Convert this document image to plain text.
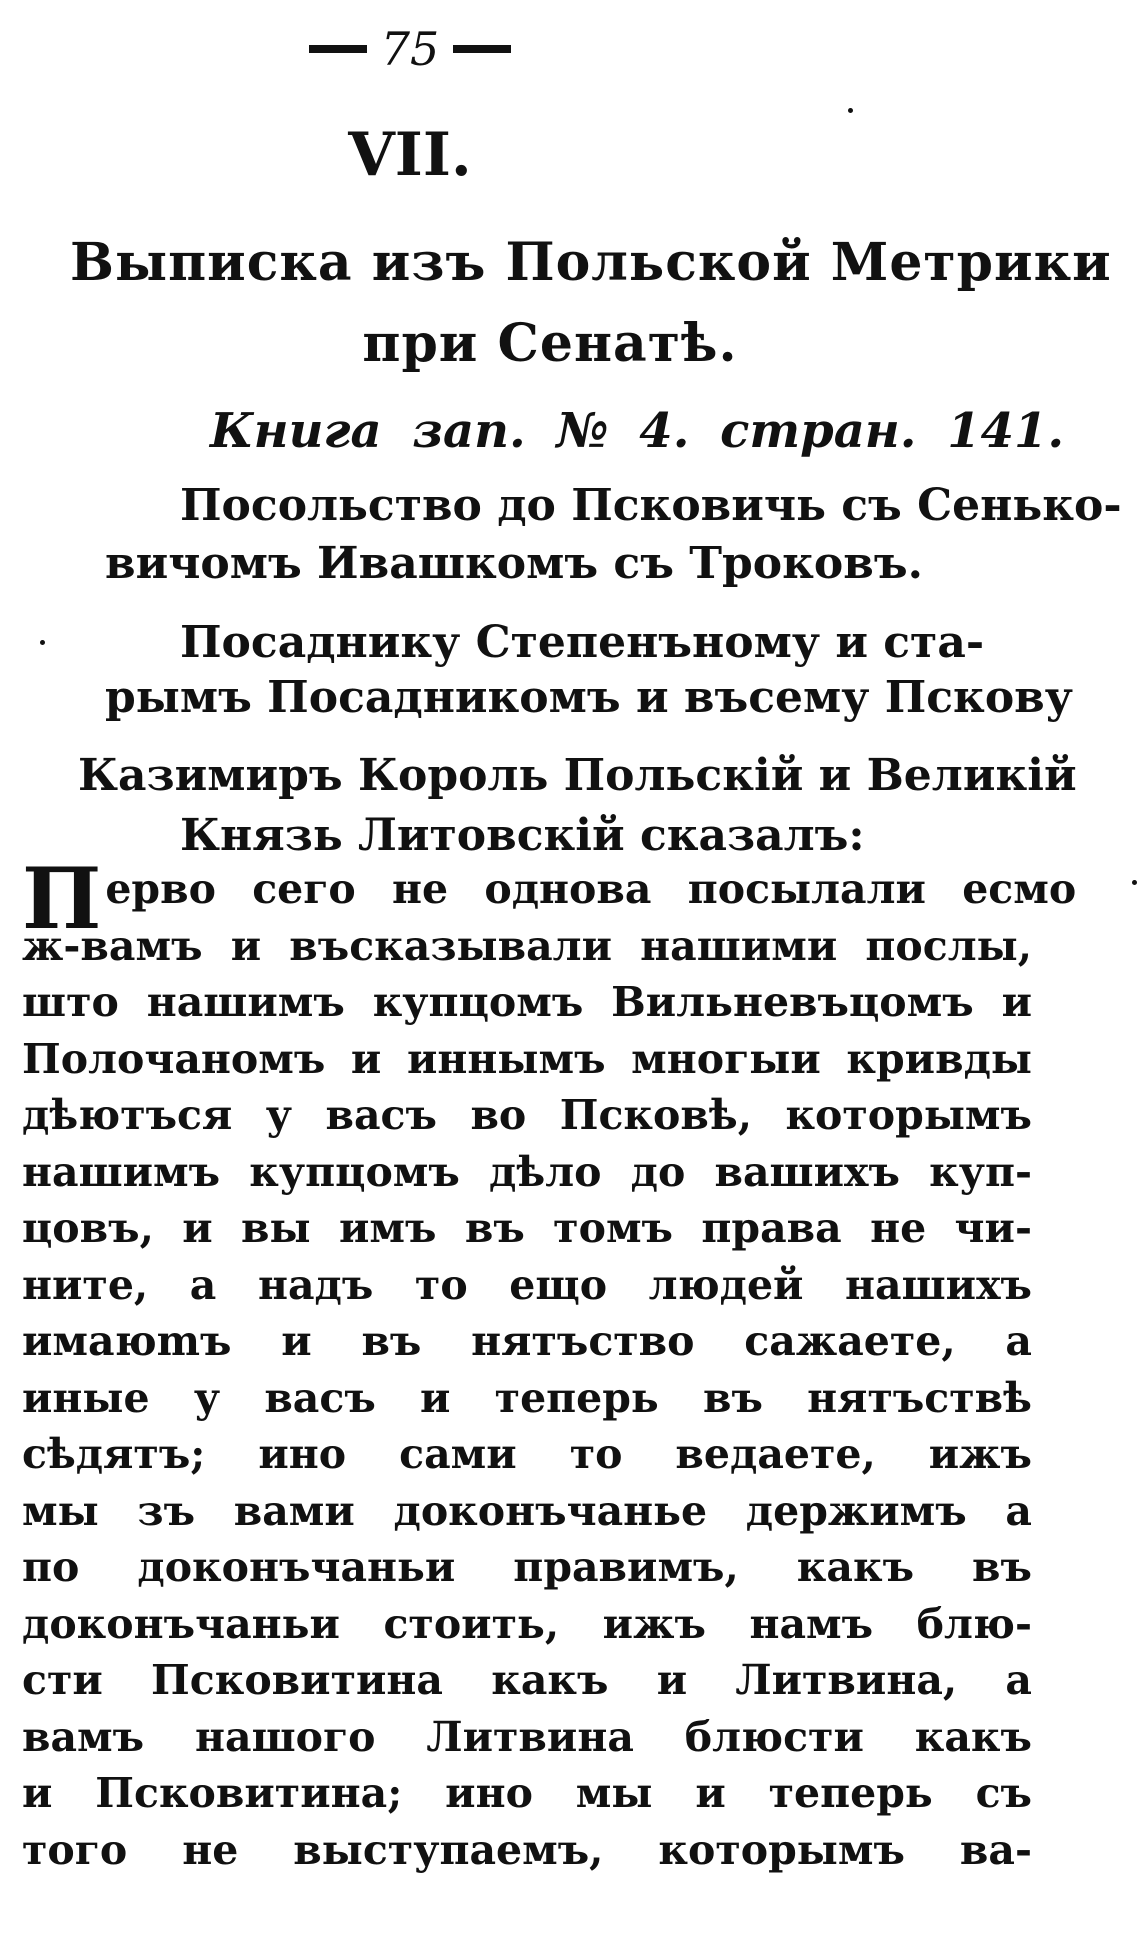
75
VII.
Выписка изъ Польской Метрики
при Сенатѣ.
Книга зап. № 4. стран. 141.
Посольство до Псковичь съ Сенько-
вичомъ Ивашкомъ съ Троковъ.
Посаднику Степенъному и ста-
рымъ Посадникомъ и въсему Пскову
Казимиръ Король Польскій и Великій
Князь Литовскій сказалъ:
П ерво сего не однова посылали есмо
ж-вамъ и въсказывали нашими послы,
што нашимъ купцомъ Вильневъцомъ и
Полочаномъ и иннымъ многыи кривды
дѣютъся у васъ во Псковѣ, которымъ
нашимъ купцомъ дѣло до вашихъ куп-
цовъ, и вы имъ въ томъ права не чи-
ните, а надъ то ещо людей нашихъ
имаюmъ и въ нятъство сажаете, а
иные у васъ и теперь въ нятъствѣ
сѣдятъ; ино сами то ведаете, ижъ
мы зъ вами доконъчанье держимъ а
по доконъчаньи правимъ, какъ въ
доконъчаньи стоить, ижъ намъ блю-
сти Псковитина какъ и Литвина, а
вамъ нашого Литвина блюсти какъ
и Псковитина; ино мы и теперь съ
того не выступаемъ, которымъ ва-
